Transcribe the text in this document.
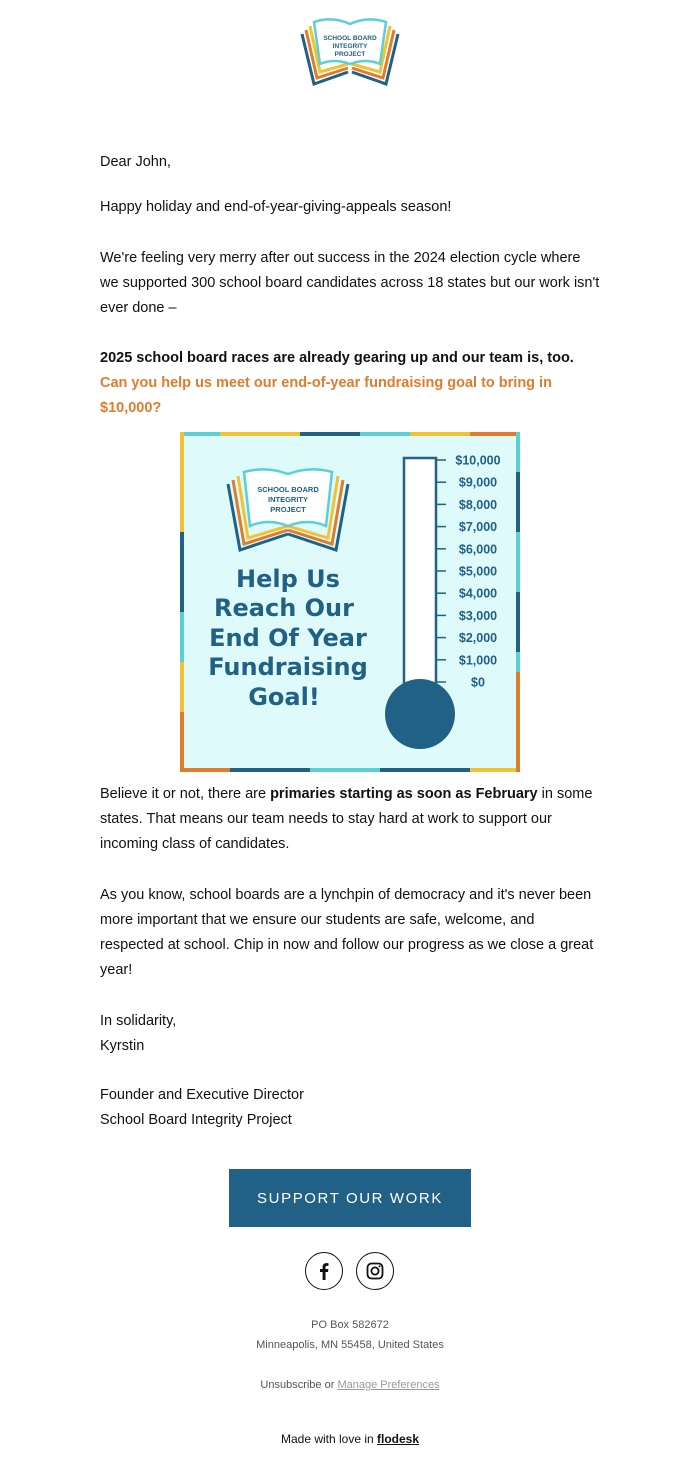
SCHOOL BOARD
INTEGRITY
PROJECT

Dear John,

Happy holiday and end-of-year-giving-appeals season!

We're feeling very merry after out success in the 2024 election cycle where we supported 300 school board candidates across 18 states but our work isn't ever done –

2025 school board races are already gearing up and our team is, too. Can you help us meet our end-of-year fundraising goal to bring in $10,000?

SCHOOL BOARD
INTEGRITY
PROJECT
Help Us
Reach Our
End Of Year
Fundraising
Goal!
$10,000
$9,000
$8,000
$7,000
$6,000
$5,000
$4,000
$3,000
$2,000
$1,000
$0

Believe it or not, there are primaries starting as soon as February in some states. That means our team needs to stay hard at work to support our incoming class of candidates.

As you know, school boards are a lynchpin of democracy and it's never been more important that we ensure our students are safe, welcome, and respected at school. Chip in now and follow our progress as we close a great year!

In solidarity,

Kyrstin

Founder and Executive Director

School Board Integrity Project

SUPPORT OUR WORK
PO Box 582672
Minneapolis, MN 55458, United States
Unsubscribe or Manage Preferences
Made with love in flodesk
